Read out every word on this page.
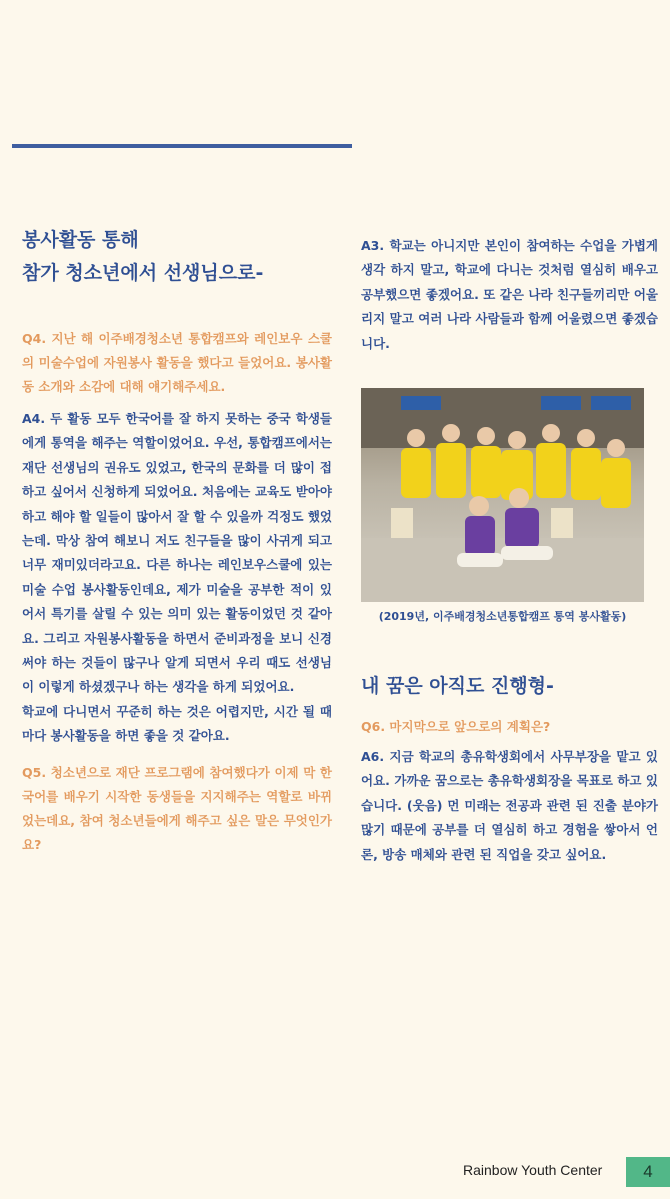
봉사활동 통해
참가 청소년에서 선생님으로-

Q4. 지난 해 이주배경청소년 통합캠프와 레인보우 스쿨의 미술수업에 자원봉사 활동을 했다고 들었어요. 봉사활동 소개와 소감에 대해 얘기해주세요.

A4. 두 활동 모두 한국어를 잘 하지 못하는 중국 학생들에게 통역을 해주는 역할이었어요. 우선, 통합캠프에서는 재단 선생님의 권유도 있었고, 한국의 문화를 더 많이 접하고 싶어서 신청하게 되었어요. 처음에는 교육도 받아야 하고 해야 할 일들이 많아서 잘 할 수 있을까 걱정도 했었는데. 막상 참여 해보니 저도 친구들을 많이 사귀게 되고 너무 재미있더라고요. 다른 하나는 레인보우스쿨에 있는 미술 수업 봉사활동인데요, 제가 미술을 공부한 적이 있어서 특기를 살릴 수 있는 의미 있는 활동이었던 것 같아요. 그리고 자원봉사활동을 하면서 준비과정을 보니 신경 써야 하는 것들이 많구나 알게 되면서 우리 때도 선생님이 이렇게 하셨겠구나 하는 생각을 하게 되었어요.

학교에 다니면서 꾸준히 하는 것은 어렵지만, 시간 될 때마다 봉사활동을 하면 좋을 것 같아요.

Q5. 청소년으로 재단 프로그램에 참여했다가 이제 막 한국어를 배우기 시작한 동생들을 지지해주는 역할로 바뀌었는데요, 참여 청소년들에게 해주고 싶은 말은 무엇인가요?

A3. 학교는 아니지만 본인이 참여하는 수업을 가볍게 생각 하지 말고, 학교에 다니는 것처럼 열심히 배우고 공부했으면 좋겠어요. 또 같은 나라 친구들끼리만 어울리지 말고 여러 나라 사람들과 함께 어울렸으면 좋겠습니다.

(2019년, 이주배경청소년통합캠프 통역 봉사활동)
내 꿈은 아직도 진행형-

Q6. 마지막으로 앞으로의 계획은?

A6. 지금 학교의 총유학생회에서 사무부장을 맡고 있어요. 가까운 꿈으로는 총유학생회장을 목표로 하고 있습니다. (웃음) 먼 미래는 전공과 관련 된 진출 분야가 많기 때문에 공부를 더 열심히 하고 경험을 쌓아서 언론, 방송 매체와 관련 된 직업을 갖고 싶어요.

Rainbow Youth Center	4
